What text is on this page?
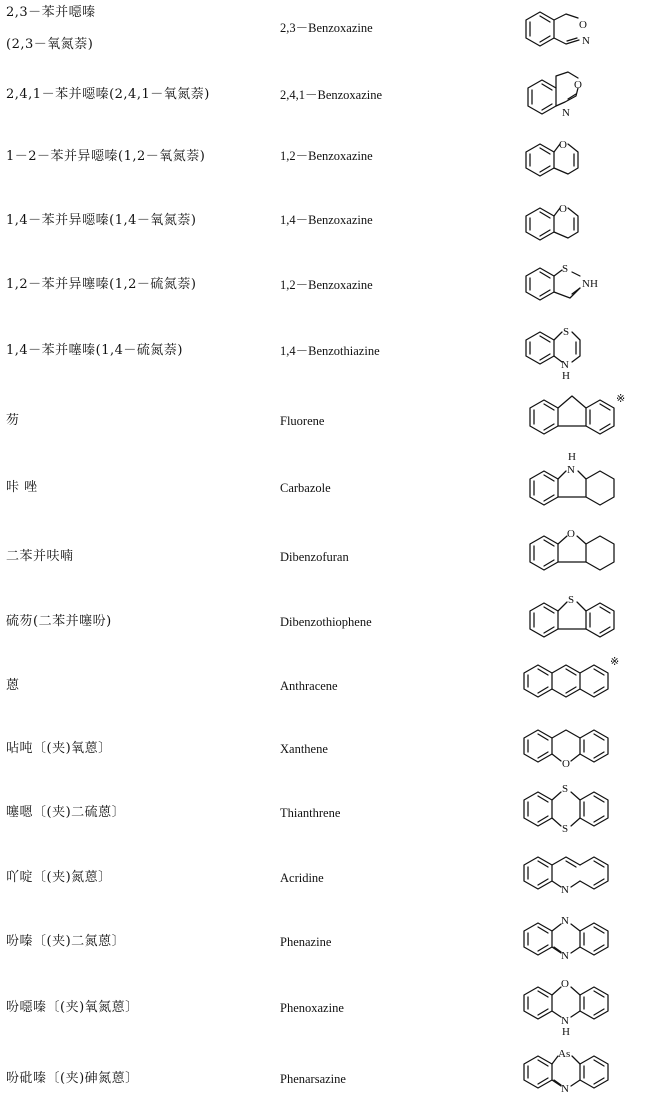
2,3－苯并噁嗪
(2,3－氧氮萘)
2,3－Benzoxazine	O
N
2,4,1－苯并噁嗪(2,4,1－氧氮萘)	2,4,1－Benzoxazine
O
N
1－2－苯并异噁嗪(1,2－氧氮萘)	1,2－Benzoxazine
O
1,4－苯并异噁嗪(1,4－氧氮萘)	1,4－Benzoxazine
O
1,2－苯并异噻嗪(1,2－硫氮萘)	1,2－Benzoxazine
S
NH
1,4－苯并噻嗪(1,4－硫氮萘)	1,4－Benzothiazine
S
N
H
芴	Fluorene
※
咔 唑	Carbazole
H
N
二苯并呋喃	Dibenzofuran
O
硫芴(二苯并噻吩)	Dibenzothiophene
S
蒽	Anthracene
※
呫吨〔(夹)氧蒽〕	Xanthene
O
噻嗯〔(夹)二硫蒽〕	Thianthrene
S
S
吖啶〔(夹)氮蒽〕	Acridine
N
吩嗪〔(夹)二氮蒽〕	Phenazine
N
N
吩噁嗪〔(夹)氧氮蒽〕	Phenoxazine
O
N
H
吩砒嗪〔(夹)砷氮蒽〕	Phenarsazine
As
N
